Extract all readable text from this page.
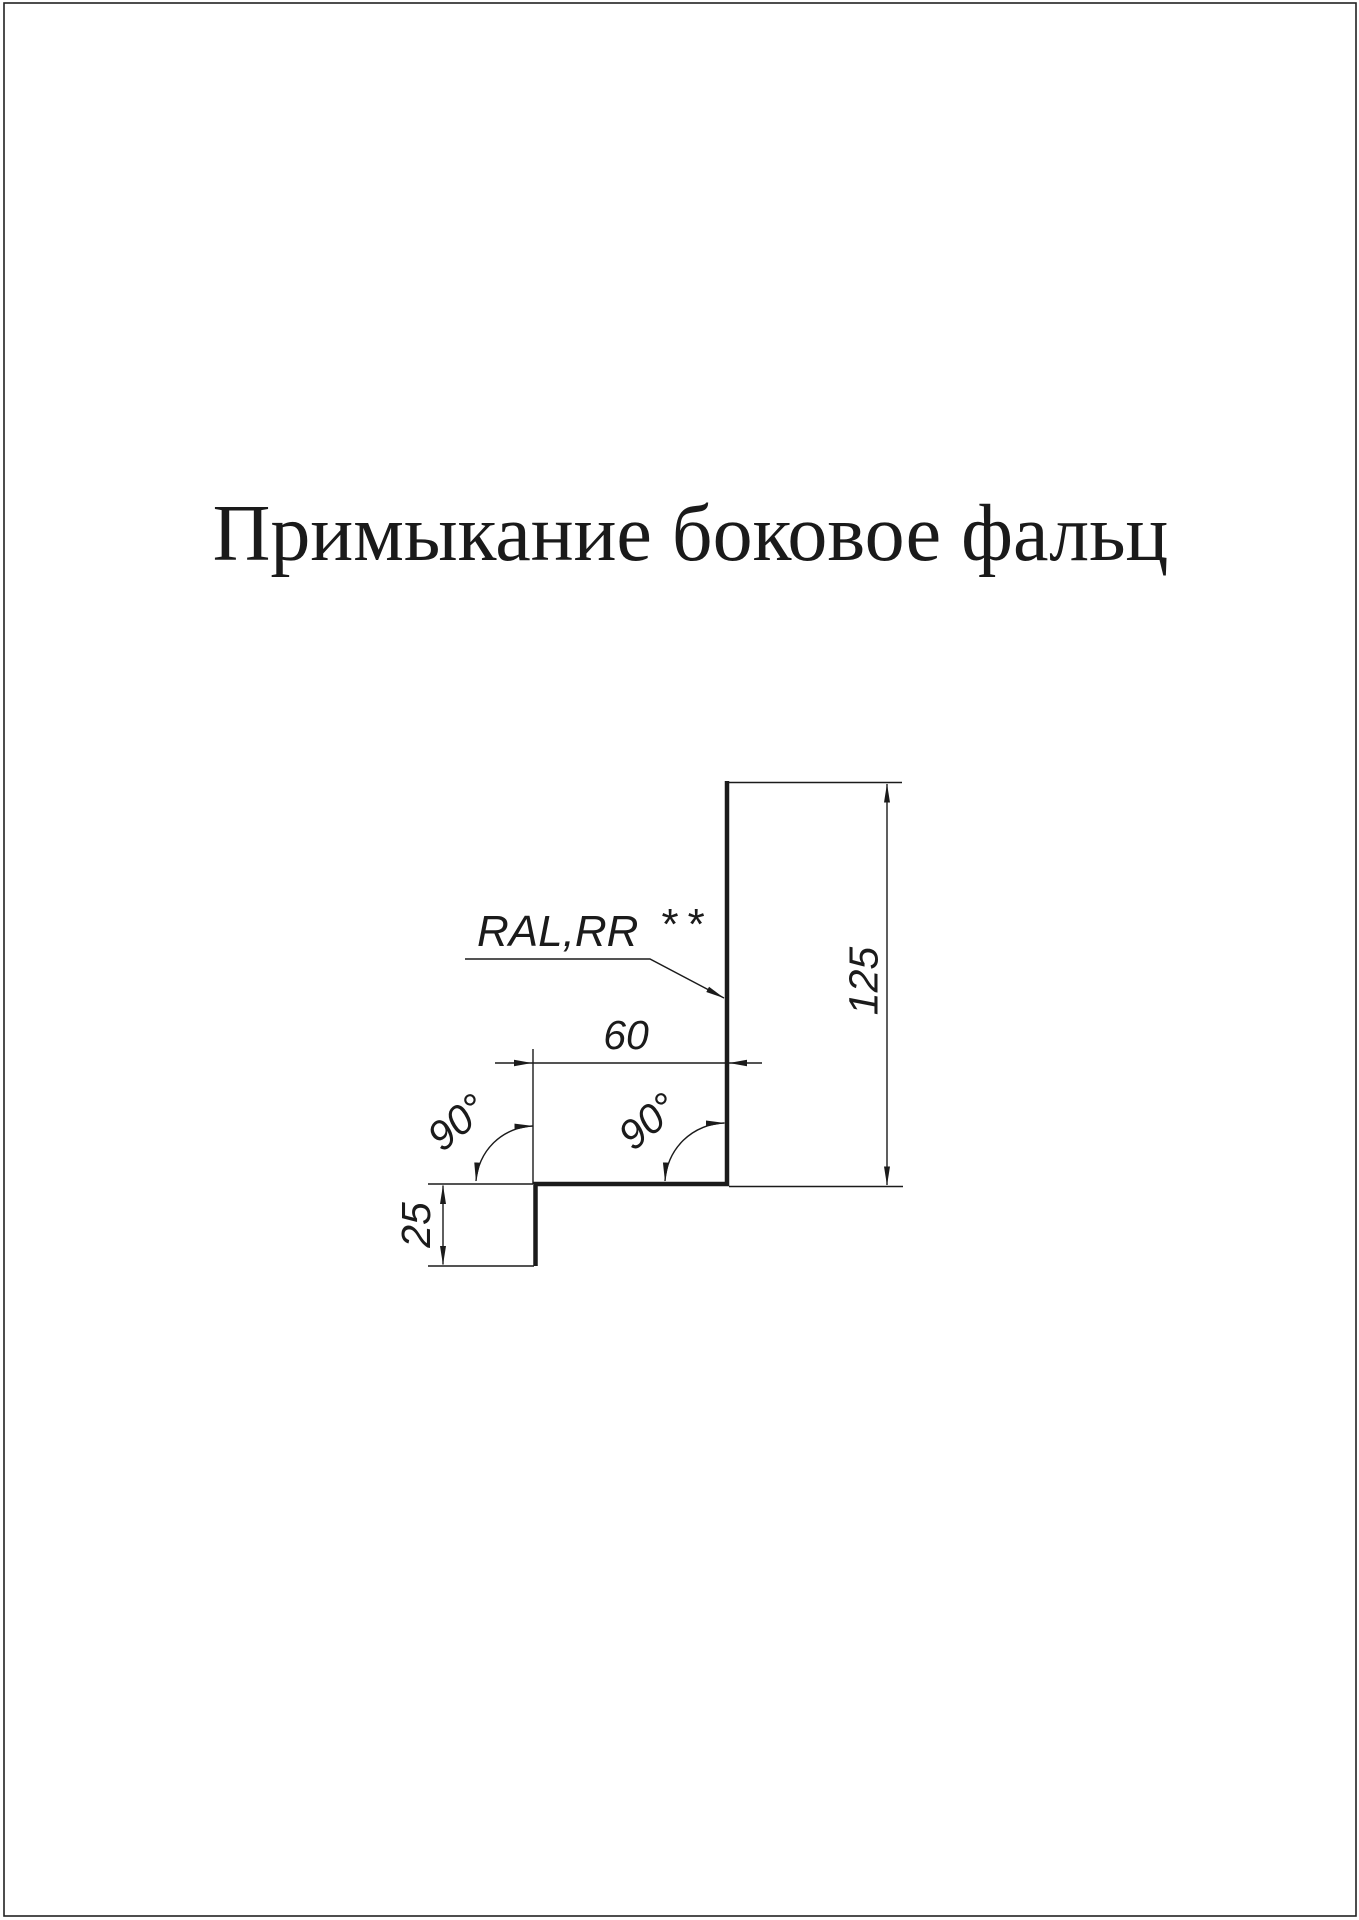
Примыкание боковое фальц
60
125
25
90°	90°
RAL,RR **
